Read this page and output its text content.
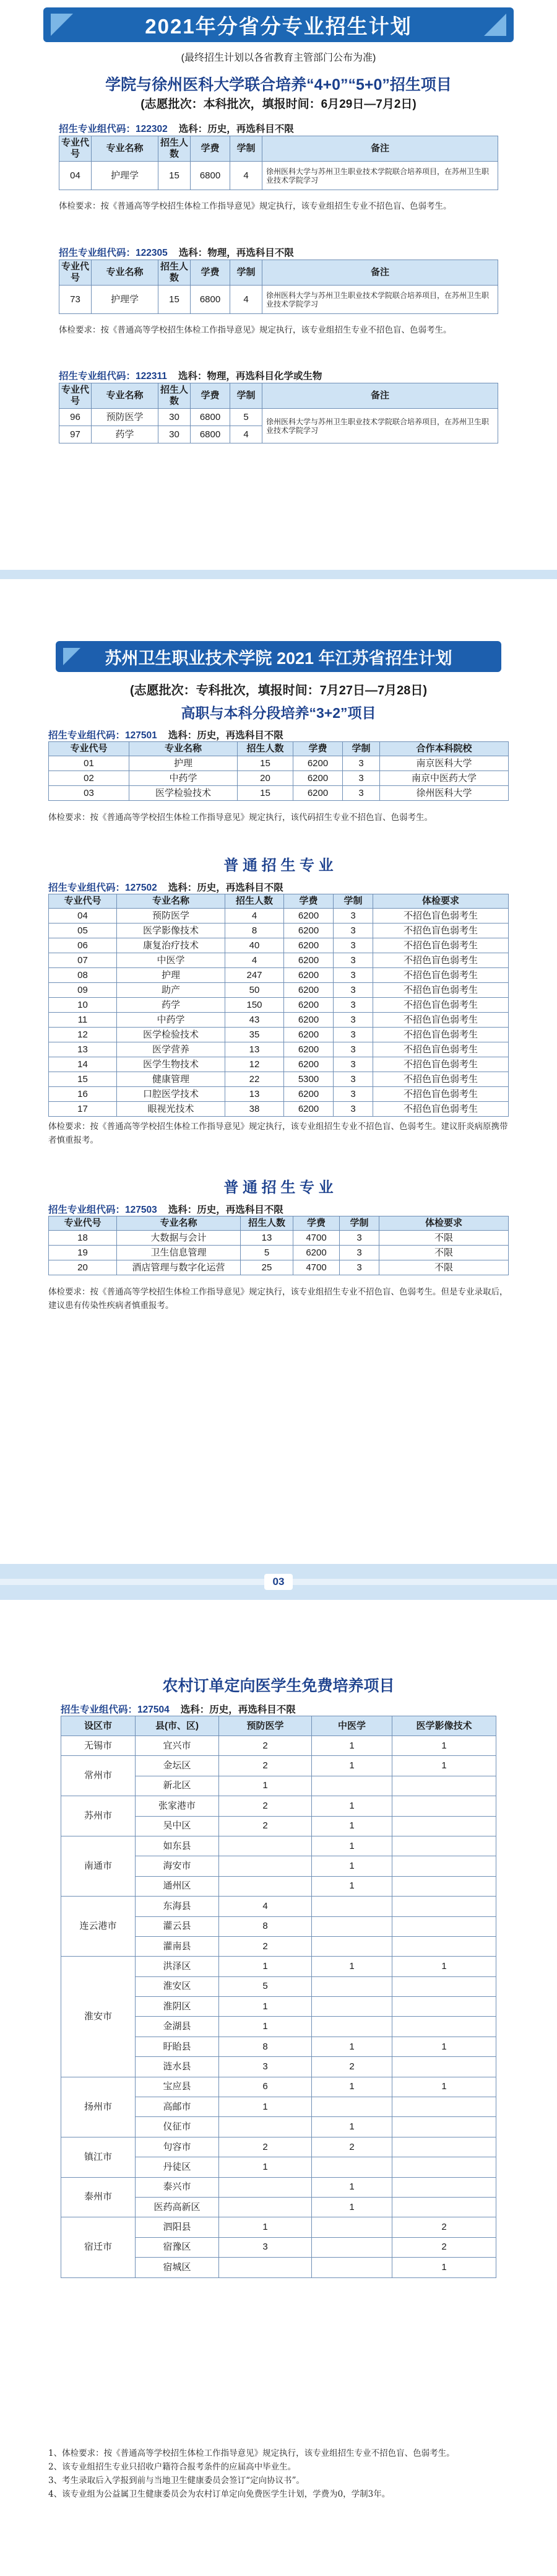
2021年分省分专业招生计划
(最终招生计划以各省教育主管部门公布为准)
学院与徐州医科大学联合培养“4+0”“5+0”招生项目
(志愿批次：本科批次，填报时间：6月29日—7月2日)
招生专业组代码：122302 选科：历史，再选科目不限
专业代号	专业名称	招生人数	学费	学制	备注
04	护理学	15	6800	4	徐州医科大学与苏州卫生职业技术学院联合培养项目，在苏州卫生职业技术学院学习
体检要求：按《普通高等学校招生体检工作指导意见》规定执行，该专业组招生专业不招色盲、色弱考生。
招生专业组代码：122305 选科：物理，再选科目不限
专业代号	专业名称	招生人数	学费	学制	备注
73	护理学	15	6800	4	徐州医科大学与苏州卫生职业技术学院联合培养项目，在苏州卫生职业技术学院学习
体检要求：按《普通高等学校招生体检工作指导意见》规定执行，该专业组招生专业不招色盲、色弱考生。
招生专业组代码：122311 选科：物理，再选科目化学或生物
专业代号	专业名称	招生人数	学费	学制	备注
96	预防医学	30	6800	5	徐州医科大学与苏州卫生职业技术学院联合培养项目，在苏州卫生职业技术学院学习
97	药学	30	6800	4	
苏州卫生职业技术学院 2021 年江苏省招生计划
(志愿批次：专科批次，填报时间：7月27日—7月28日)
高职与本科分段培养“3+2”项目
招生专业组代码：127501 选科：历史，再选科目不限
专业代号	专业名称	招生人数	学费	学制	合作本科院校
01	护理	15	6200	3	南京医科大学
02	中药学	20	6200	3	南京中医药大学
03	医学检验技术	15	6200	3	徐州医科大学
体检要求：按《普通高等学校招生体检工作指导意见》规定执行，该代码招生专业不招色盲、色弱考生。
普 通 招 生 专 业
招生专业组代码：127502 选科：历史，再选科目不限
专业代号	专业名称	招生人数	学费	学制	体检要求
04	预防医学	4	6200	3	不招色盲色弱考生
05	医学影像技术	8	6200	3	不招色盲色弱考生
06	康复治疗技术	40	6200	3	不招色盲色弱考生
07	中医学	4	6200	3	不招色盲色弱考生
08	护理	247	6200	3	不招色盲色弱考生
09	助产	50	6200	3	不招色盲色弱考生
10	药学	150	6200	3	不招色盲色弱考生
11	中药学	43	6200	3	不招色盲色弱考生
12	医学检验技术	35	6200	3	不招色盲色弱考生
13	医学营养	13	6200	3	不招色盲色弱考生
14	医学生物技术	12	6200	3	不招色盲色弱考生
15	健康管理	22	5300	3	不招色盲色弱考生
16	口腔医学技术	13	6200	3	不招色盲色弱考生
17	眼视光技术	38	6200	3	不招色盲色弱考生
体检要求：按《普通高等学校招生体检工作指导意见》规定执行，该专业组招生专业不招色盲、色弱考生。建议肝炎病原携带者慎重报考。
普 通 招 生 专 业
招生专业组代码：127503 选科：历史，再选科目不限
专业代号	专业名称	招生人数	学费	学制	体检要求
18	大数据与会计	13	4700	3	不限
19	卫生信息管理	5	6200	3	不限
20	酒店管理与数字化运营	25	4700	3	不限
体检要求：按《普通高等学校招生体检工作指导意见》规定执行，该专业组招生专业不招色盲、色弱考生。但是专业录取后，建议患有传染性疾病者慎重报考。
03
农村订单定向医学生免费培养项目
招生专业组代码：127504 选科：历史，再选科目不限
设区市	县(市、区)	预防医学	中医学	医学影像技术
无锡市	宜兴市	2	1	1
常州市	金坛区	2	1	1
	新北区	1		
苏州市	张家港市	2	1	
	吴中区	2	1	
南通市	如东县		1	
	海安市		1	
	通州区		1	
连云港市	东海县	4		
	灌云县	8		
	灌南县	2		
淮安市	洪泽区	1	1	1
	淮安区	5		
	淮阴区	1		
	金湖县	1		
	盱眙县	8	1	1
	涟水县	3	2	
扬州市	宝应县	6	1	1
	高邮市	1		
	仪征市		1	
镇江市	句容市	2	2	
	丹徒区	1		
泰州市	泰兴市		1	
	医药高新区		1	
宿迁市	泗阳县	1		2
	宿豫区	3		2
	宿城区			1
1、体检要求：按《普通高等学校招生体检工作指导意见》规定执行，该专业组招生专业不招色盲、色弱考生。
2、该专业组招生专业只招收户籍符合报考条件的应届高中毕业生。
3、考生录取后入学报到前与当地卫生健康委员会签订“定向协议书”。
4、该专业组为公益属卫生健康委员会为农村订单定向免费医学生计划，学费为0，学制3年。
